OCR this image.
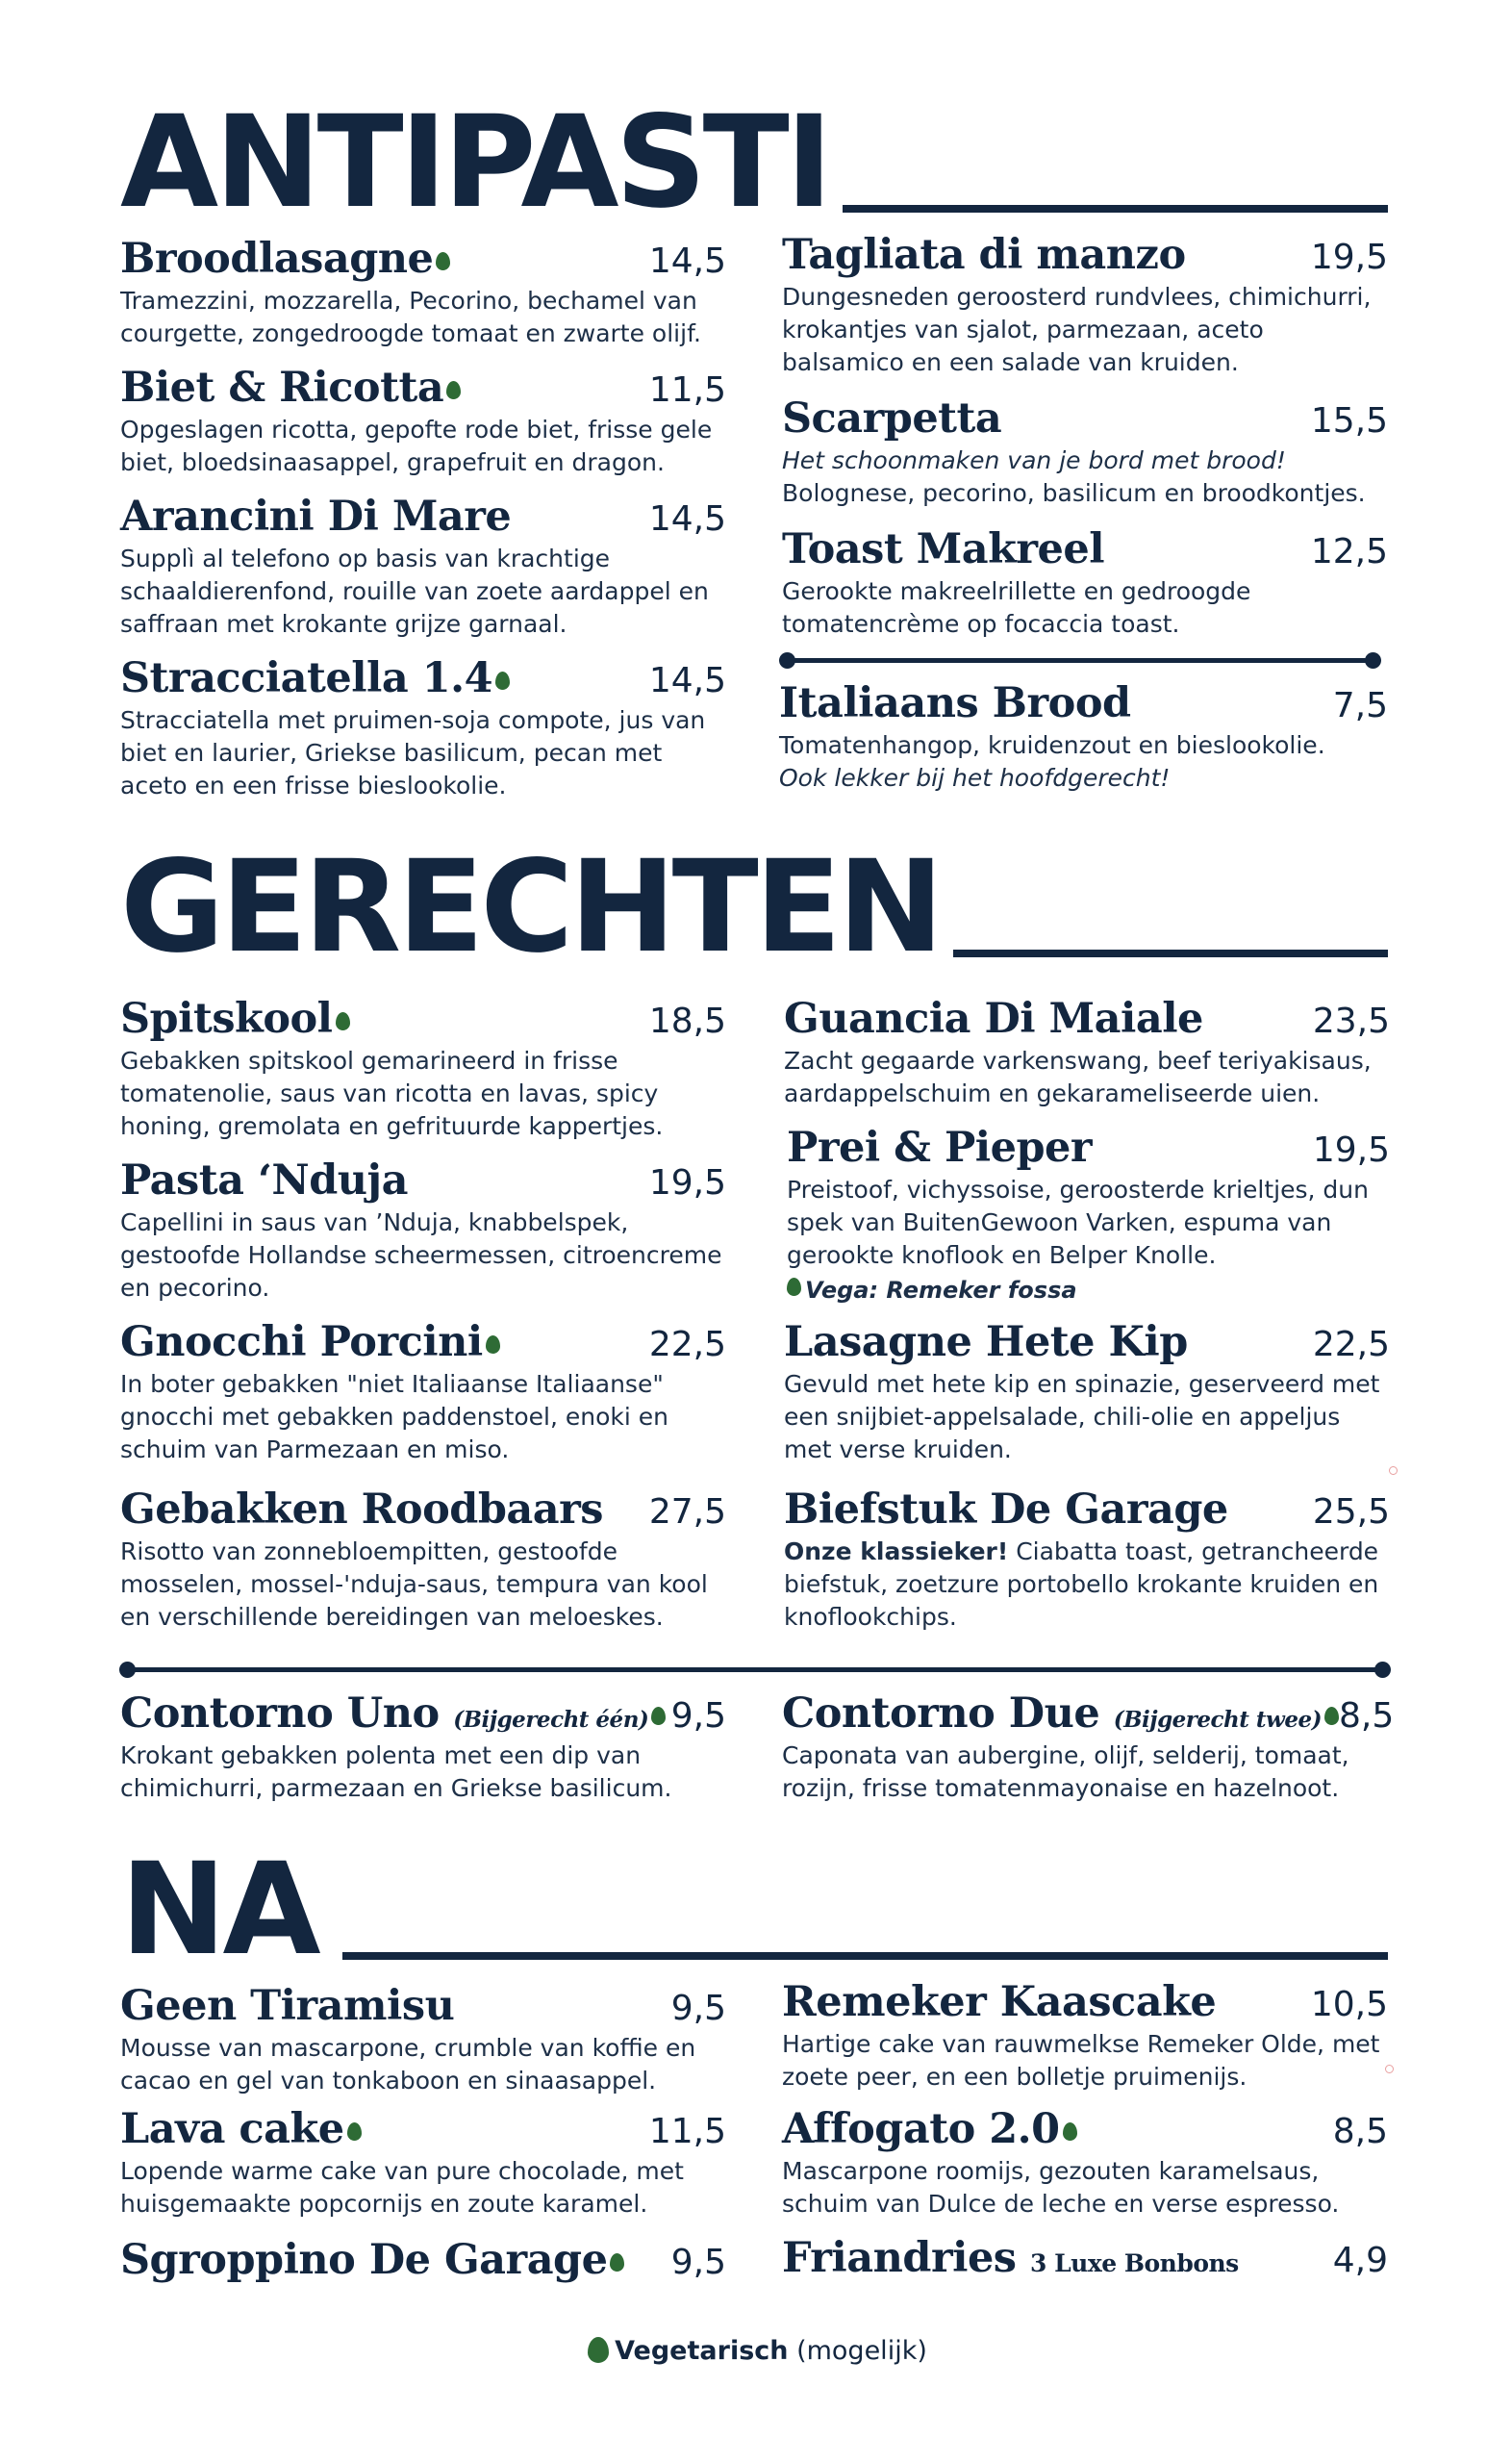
ANTIPASTI
Broodlasagne	14,5
Tramezzini, mozzarella, Pecorino, bechamel van courgette, zongedroogde tomaat en zwarte olijf.
Biet & Ricotta	11,5
Opgeslagen ricotta, gepofte rode biet, frisse gele biet, bloedsinaasappel, grapefruit en dragon.
Arancini Di Mare	14,5
Supplì al telefono op basis van krachtige schaaldierenfond, rouille van zoete aardappel en saffraan met krokante grijze garnaal.
Stracciatella 1.4	14,5
Stracciatella met pruimen-soja compote, jus van biet en laurier, Griekse basilicum, pecan met aceto en een frisse bieslookolie.
Tagliata di manzo	19,5
Dungesneden geroosterd rundvlees, chimichurri, krokantjes van sjalot, parmezaan, aceto balsamico en een salade van kruiden.
Scarpetta	15,5
Het schoonmaken van je bord met brood!
Bolognese, pecorino, basilicum en broodkontjes.
Toast Makreel	12,5
Gerookte makreelrillette en gedroogde tomatencrème op focaccia toast.
Italiaans Brood	7,5
Tomatenhangop, kruidenzout en bieslookolie.
Ook lekker bij het hoofdgerecht!
GERECHTEN
Spitskool	18,5
Gebakken spitskool gemarineerd in frisse tomatenolie, saus van ricotta en lavas, spicy honing, gremolata en gefrituurde kappertjes.
Pasta ‘Nduja	19,5
Capellini in saus van ’Nduja, knabbelspek, gestoofde Hollandse scheermessen, citroencreme en pecorino.
Gnocchi Porcini	22,5
In boter gebakken "niet Italiaanse Italiaanse" gnocchi met gebakken paddenstoel, enoki en schuim van Parmezaan en miso.
Gebakken Roodbaars 27,5
Risotto van zonnebloempitten, gestoofde mosselen, mossel-'nduja-saus, tempura van kool en verschillende bereidingen van meloeskes.
Guancia Di Maiale	23,5
Zacht gegaarde varkenswang, beef teriyakisaus, aardappelschuim en gekarameliseerde uien.
Prei & Pieper	19,5
Preistoof, vichyssoise, geroosterde krieltjes, dun spek van BuitenGewoon Varken, espuma van gerookte knoflook en Belper Knolle.
Vega: Remeker fossa
Lasagne Hete Kip	22,5
Gevuld met hete kip en spinazie, geserveerd met een snijbiet-appelsalade, chili-olie en appeljus met verse kruiden.
Biefstuk De Garage 25,5
Onze klassieker! Ciabatta toast, getrancheerde biefstuk, zoetzure portobello krokante kruiden en knoflookchips.
Contorno Uno (Bijgerecht één) 9,5
Krokant gebakken polenta met een dip van chimichurri, parmezaan en Griekse basilicum.
Contorno Due (Bijgerecht twee) 8,5
Caponata van aubergine, olijf, selderij, tomaat, rozijn, frisse tomatenmayonaise en hazelnoot.
NA
Geen Tiramisu	9,5
Mousse van mascarpone, crumble van koffie en cacao en gel van tonkaboon en sinaasappel.
Lava cake	11,5
Lopende warme cake van pure chocolade, met huisgemaakte popcornijs en zoute karamel.
Sgroppino De Garage	9,5
Remeker Kaascake	10,5
Hartige cake van rauwmelkse Remeker Olde, met zoete peer, en een bolletje pruimenijs.
Affogato 2.0	8,5
Mascarpone roomijs, gezouten karamelsaus, schuim van Dulce de leche en verse espresso.
Friandries 3 Luxe Bonbons	4,9
Vegetarisch (mogelijk)
